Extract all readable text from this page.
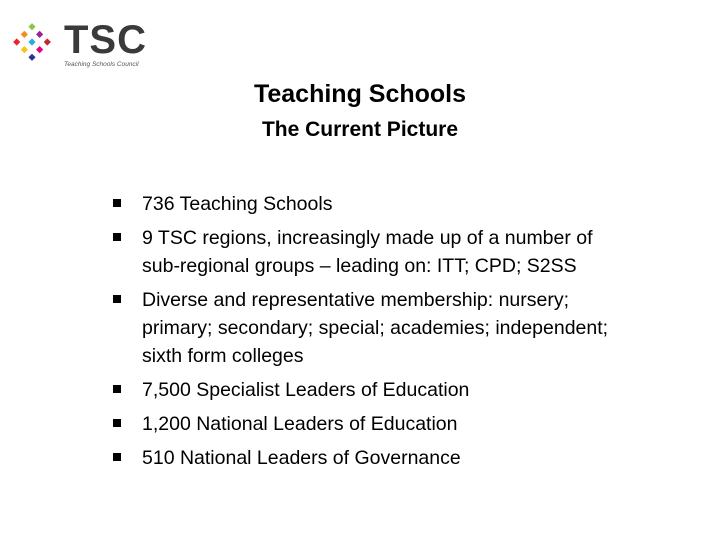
TSC
Teaching Schools Council
Teaching Schools
The Current Picture
736 Teaching Schools
9 TSC regions, increasingly made up of a number of sub-regional groups – leading on: ITT; CPD; S2SS
Diverse and representative membership: nursery; primary; secondary; special; academies; independent; sixth form colleges
7,500 Specialist Leaders of Education
1,200 National Leaders of Education
510 National Leaders of Governance
